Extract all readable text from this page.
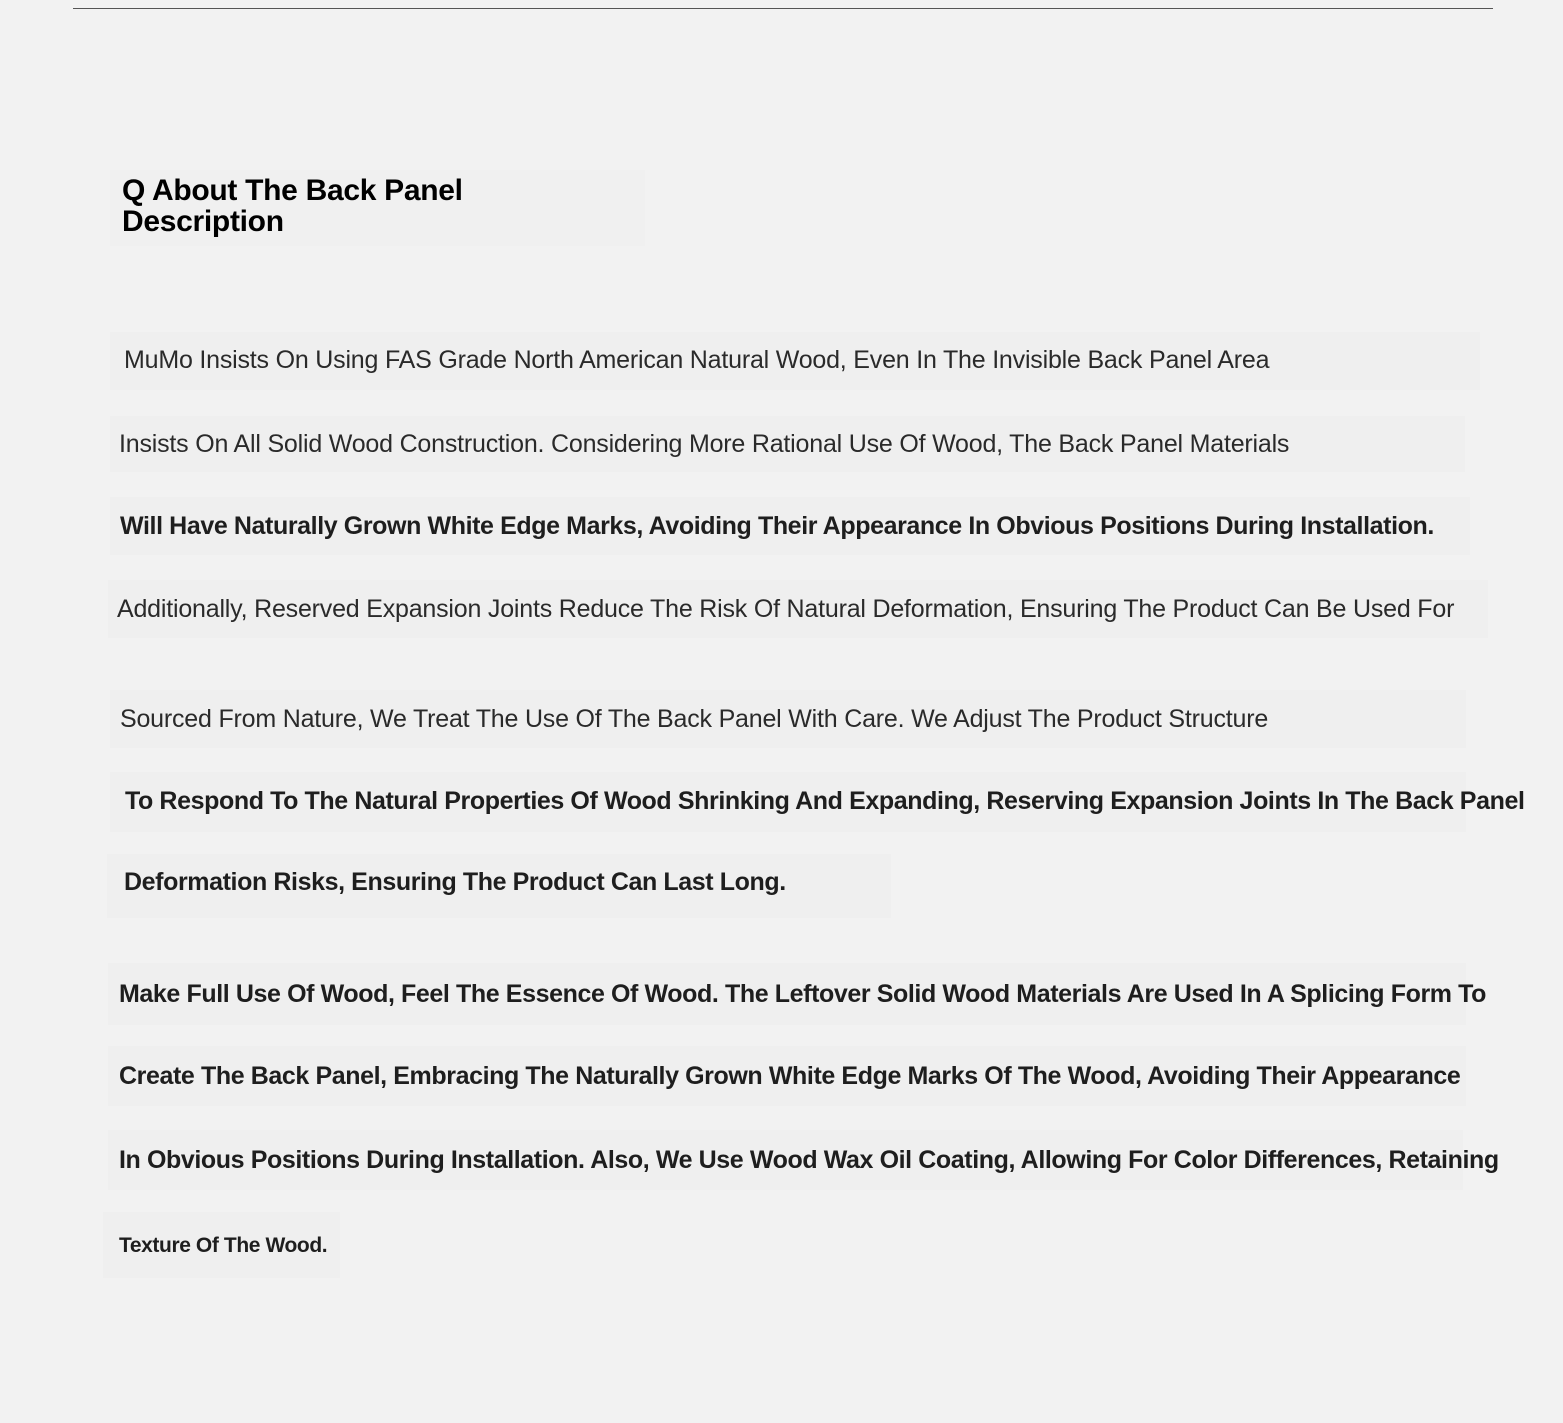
Q About The Back Panel Description

MuMo Insists On Using FAS Grade North American Natural Wood, Even In The Invisible Back Panel Area

Insists On All Solid Wood Construction. Considering More Rational Use Of Wood, The Back Panel Materials

Will Have Naturally Grown White Edge Marks, Avoiding Their Appearance In Obvious Positions During Installation.

Additionally, Reserved Expansion Joints Reduce The Risk Of Natural Deformation, Ensuring The Product Can Be Used For

Sourced From Nature, We Treat The Use Of The Back Panel With Care. We Adjust The Product Structure

To Respond To The Natural Properties Of Wood Shrinking And Expanding, Reserving Expansion Joints In The Back Panel

Deformation Risks, Ensuring The Product Can Last Long.

Make Full Use Of Wood, Feel The Essence Of Wood. The Leftover Solid Wood Materials Are Used In A Splicing Form To

Create The Back Panel, Embracing The Naturally Grown White Edge Marks Of The Wood, Avoiding Their Appearance

In Obvious Positions During Installation. Also, We Use Wood Wax Oil Coating, Allowing For Color Differences, Retaining

Texture Of The Wood.
